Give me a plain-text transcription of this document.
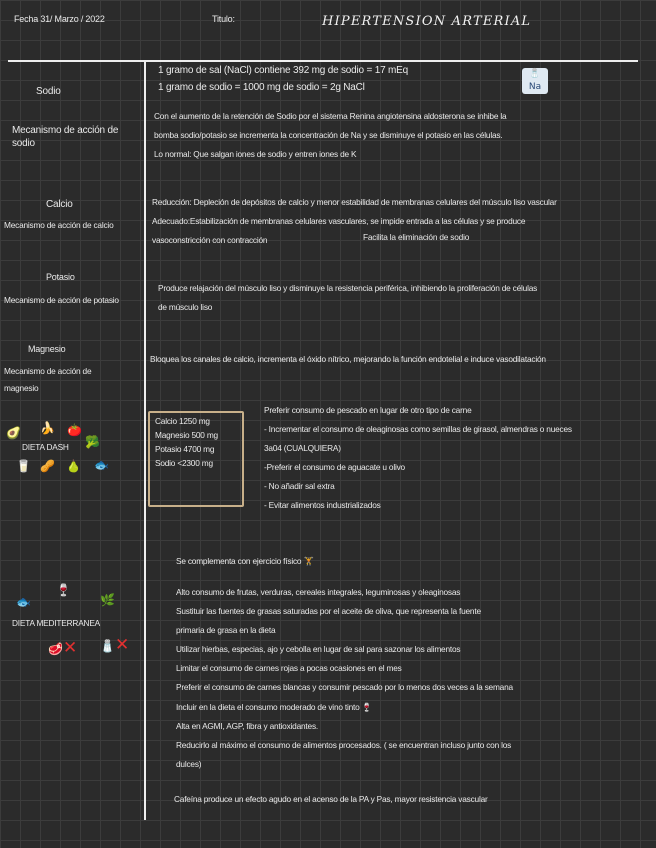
Fecha 31/ Marzo / 2022	Titulo:	HIPERTENSION ARTERIAL
1 gramo de sal (NaCl) contiene 392 mg de sodio = 17 mEq
1 gramo de sodio = 1000 mg de sodio = 2g NaCl
🧂
Na
Sodio
Mecanismo de acción de
sodio
Con el aumento de la retención de Sodio por el sistema Renina angiotensina aldosterona se inhibe la
bomba sodio/potasio se incrementa la concentración de Na y se disminuye el potasio en las células.
Lo normal: Que salgan iones de sodio y entren iones de K
Calcio
Mecanismo de acción de calcio
Reducción: Depleción de depósitos de calcio y menor estabilidad de membranas celulares del músculo liso vascular
Adecuado:Estabilización de membranas celulares vasculares, se impide entrada a las células y se produce
vasoconstricción con contracción	Facilita la eliminación de sodio
Potasio
Mecanismo de acción de potasio
Produce relajación del músculo liso y disminuye la resistencia periférica, inhibiendo la proliferación de células
de músculo liso
Magnesio
Mecanismo de acción de
magnesio
Bloquea los canales de calcio, incrementa el óxido nítrico, mejorando la función endotelial e induce vasodilatación
🥑 🍌 🍅
🥦
DIETA DASH
🥛 🥜 🍐 🐟
Calcio 1250 mg
Magnesio 500 mg
Potasio 4700 mg
Sodio <2300 mg
Preferir consumo de pescado en lugar de otro tipo de carne
- Incrementar el consumo de oleaginosas como semillas de girasol, almendras o nueces
3a04 (CUALQUIERA)
-Preferir el consumo de aguacate u olivo
- No añadir sal extra
- Evitar alimentos industrializados
Se complementa con ejercicio físico 🏋
🐟
🍷
🌿
DIETA MEDITERRANEA
🥩✕ 🧂✕
Alto consumo de frutas, verduras, cereales integrales, leguminosas y oleaginosas
Sustituir las fuentes de grasas saturadas por el aceite de oliva, que representa la fuente
primaria de grasa en la dieta
Utilizar hierbas, especias, ajo y cebolla en lugar de sal para sazonar los alimentos
Limitar el consumo de carnes rojas a pocas ocasiones en el mes
Preferir el consumo de carnes blancas y consumir pescado por lo menos dos veces a la semana
Incluir en la dieta el consumo moderado de vino tinto 🍷
Alta en AGMI, AGP, fibra y antioxidantes.
Reducirlo al máximo el consumo de alimentos procesados. ( se encuentran incluso junto con los
dulces)
Cafeína produce un efecto agudo en el acenso de la PA y Pas, mayor resistencia vascular
